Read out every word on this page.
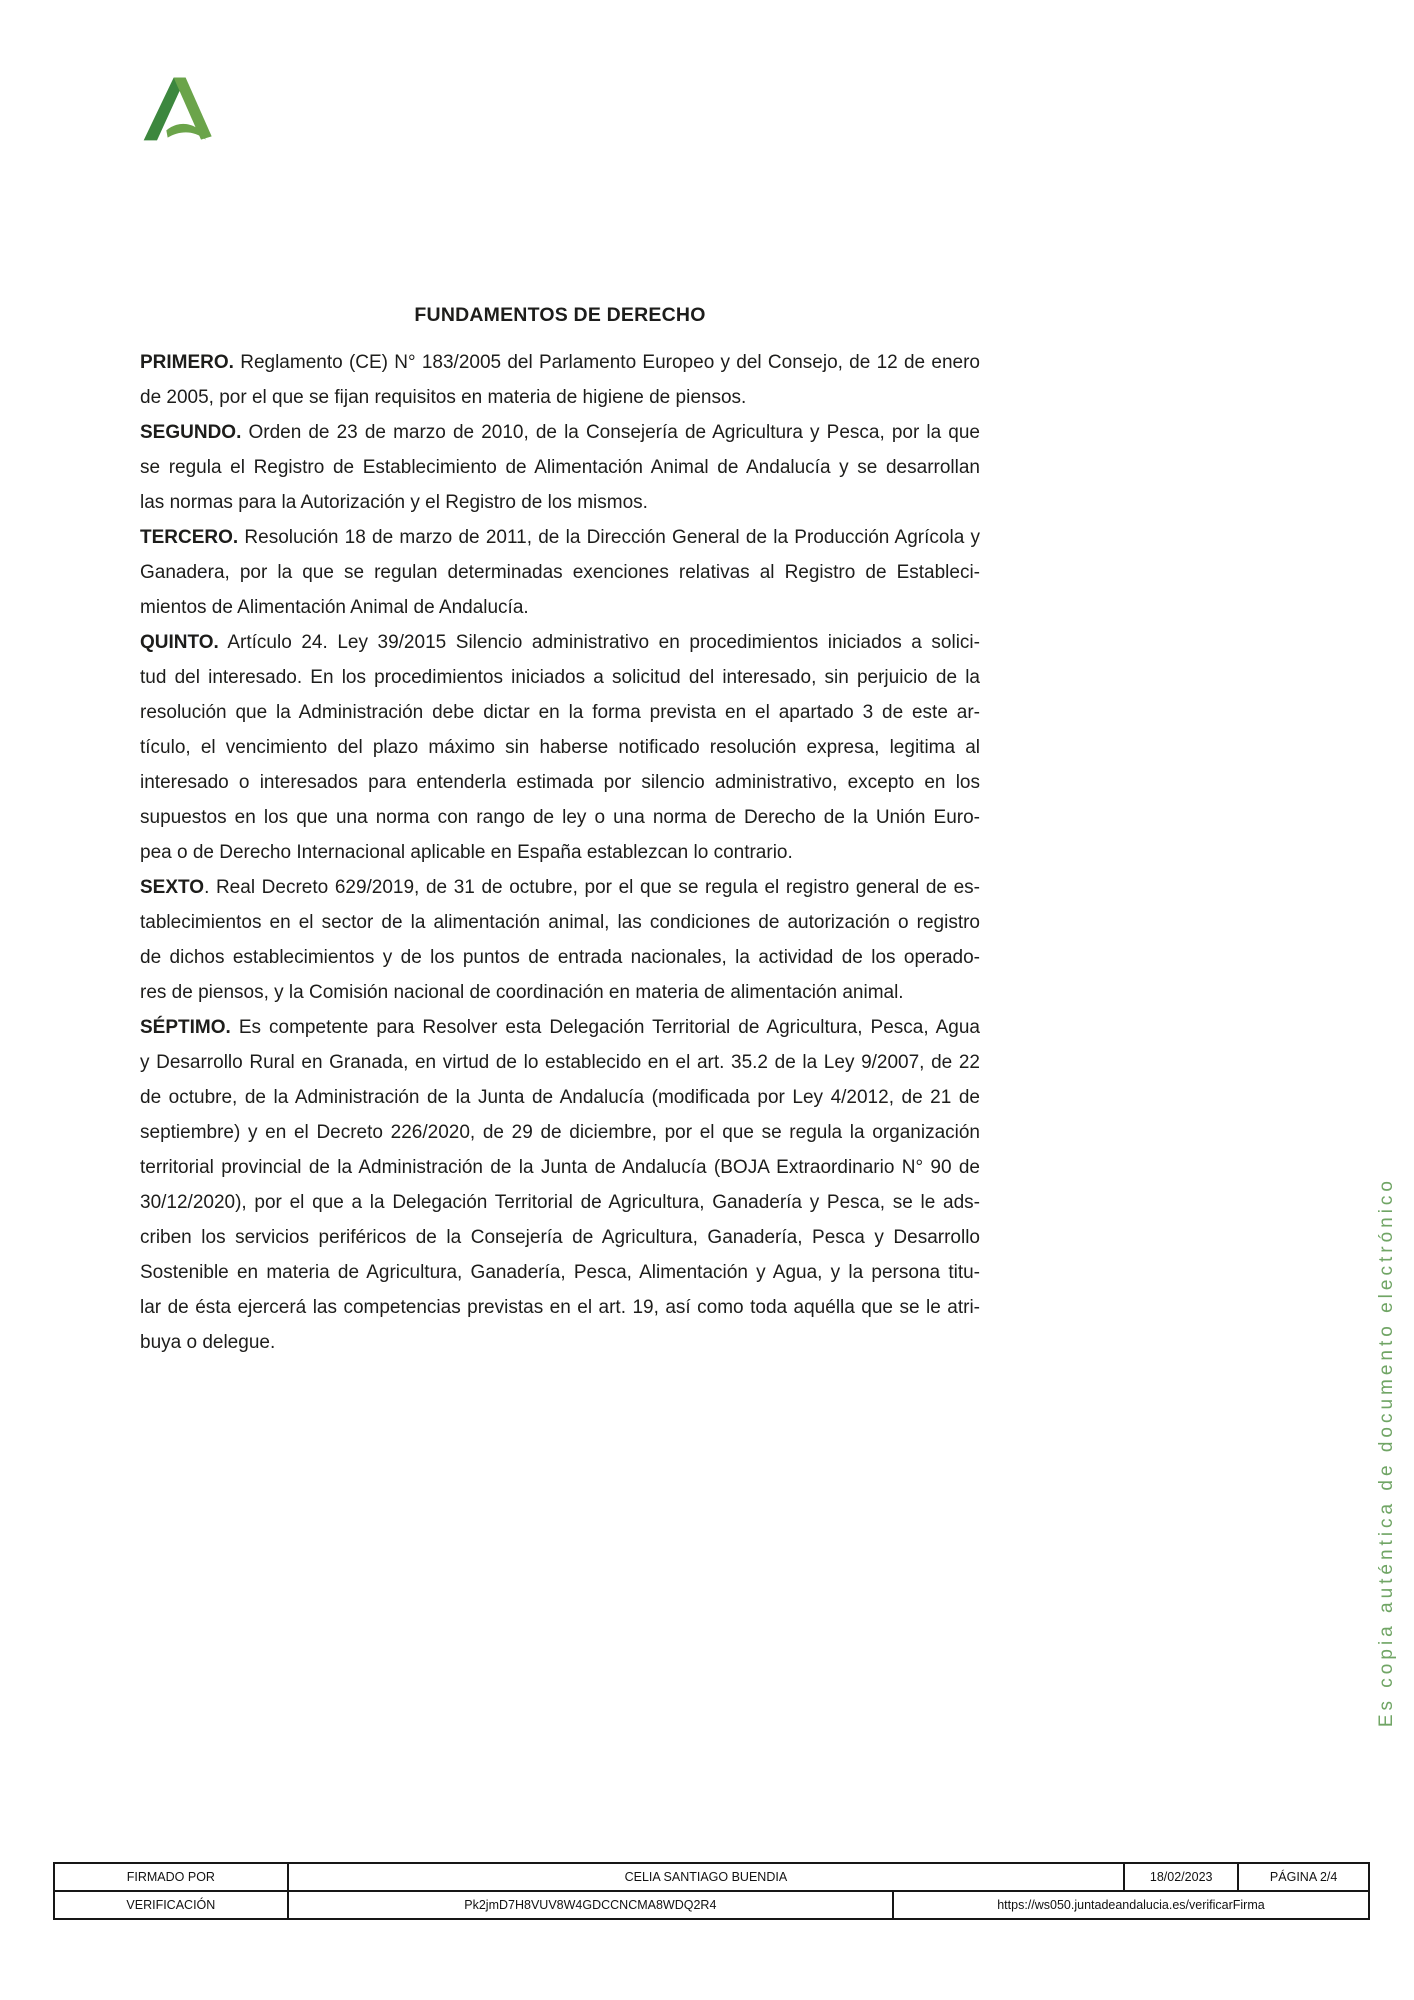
FUNDAMENTOS DE DERECHO
PRIMERO. Reglamento (CE) N° 183/2005 del Parlamento Europeo y del Consejo, de 12 de enero
de 2005, por el que se fijan requisitos en materia de higiene de piensos.
SEGUNDO. Orden de 23 de marzo de 2010, de la Consejería de Agricultura y Pesca, por la que
se regula el Registro de Establecimiento de Alimentación Animal de Andalucía y se desarrollan
las normas para la Autorización y el Registro de los mismos.
TERCERO. Resolución 18 de marzo de 2011, de la Dirección General de la Producción Agrícola y
Ganadera, por la que se regulan determinadas exenciones relativas al Registro de Estableci-
mientos de Alimentación Animal de Andalucía.
QUINTO. Artículo 24. Ley 39/2015 Silencio administrativo en procedimientos iniciados a solici-
tud del interesado. En los procedimientos iniciados a solicitud del interesado, sin perjuicio de la
resolución que la Administración debe dictar en la forma prevista en el apartado 3 de este ar-
tículo, el vencimiento del plazo máximo sin haberse notificado resolución expresa, legitima al
interesado o interesados para entenderla estimada por silencio administrativo, excepto en los
supuestos en los que una norma con rango de ley o una norma de Derecho de la Unión Euro-
pea o de Derecho Internacional aplicable en España establezcan lo contrario.
SEXTO. Real Decreto 629/2019, de 31 de octubre, por el que se regula el registro general de es-
tablecimientos en el sector de la alimentación animal, las condiciones de autorización o registro
de dichos establecimientos y de los puntos de entrada nacionales, la actividad de los operado-
res de piensos, y la Comisión nacional de coordinación en materia de alimentación animal.
SÉPTIMO. Es competente para Resolver esta Delegación Territorial de Agricultura, Pesca, Agua
y Desarrollo Rural en Granada, en virtud de lo establecido en el art. 35.2 de la Ley 9/2007, de 22
de octubre, de la Administración de la Junta de Andalucía (modificada por Ley 4/2012, de 21 de
septiembre) y en el Decreto 226/2020, de 29 de diciembre, por el que se regula la organización
territorial provincial de la Administración de la Junta de Andalucía (BOJA Extraordinario N° 90 de
30/12/2020), por el que a la Delegación Territorial de Agricultura, Ganadería y Pesca, se le ads-
criben los servicios periféricos de la Consejería de Agricultura, Ganadería, Pesca y Desarrollo
Sostenible en materia de Agricultura, Ganadería, Pesca, Alimentación y Agua, y la persona titu-
lar de ésta ejercerá las competencias previstas en el art. 19, así como toda aquélla que se le atri-
buya o delegue.	Es copia auténtica de documento electrónico
FIRMADO POR	CELIA SANTIAGO BUENDIA	18/02/2023	PÁGINA 2/4
VERIFICACIÓN	Pk2jmD7H8VUV8W4GDCCNCMA8WDQ2R4	https://ws050.juntadeandalucia.es/verificarFirma
